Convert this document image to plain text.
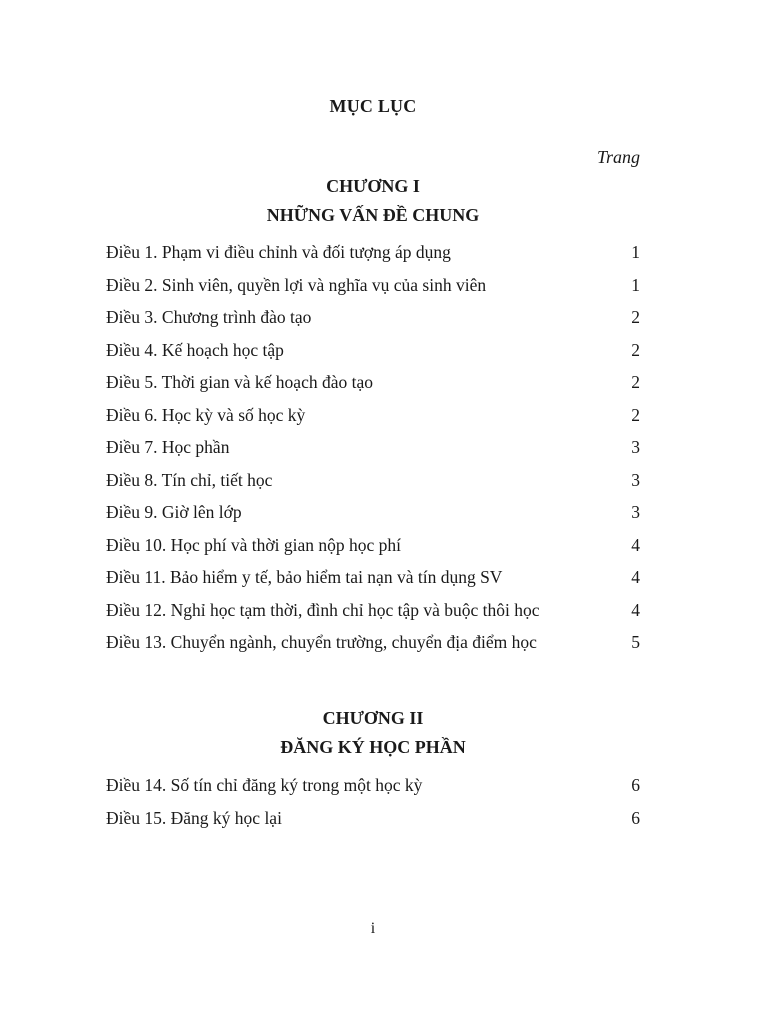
MỤC LỤC
Trang
CHƯƠNG I
NHỮNG VẤN ĐỀ CHUNG
Điều 1. Phạm vi điều chỉnh và đối tượng áp dụng	1
Điều 2. Sinh viên, quyền lợi và nghĩa vụ của sinh viên	1
Điều 3. Chương trình đào tạo	2
Điều 4. Kế hoạch học tập	2
Điều 5. Thời gian và kế hoạch đào tạo	2
Điều 6. Học kỳ và số học kỳ	2
Điều 7. Học phần	3
Điều 8. Tín chỉ, tiết học	3
Điều 9. Giờ lên lớp	3
Điều 10. Học phí và thời gian nộp học phí	4
Điều 11. Bảo hiểm y tế, bảo hiểm tai nạn và tín dụng SV	4
Điều 12. Nghỉ học tạm thời, đình chỉ học tập và buộc thôi học	4
Điều 13. Chuyển ngành, chuyển trường, chuyển địa điểm học	5
CHƯƠNG II
ĐĂNG KÝ HỌC PHẦN
Điều 14. Số tín chỉ đăng ký trong một học kỳ	6
Điều 15. Đăng ký học lại	6
i
